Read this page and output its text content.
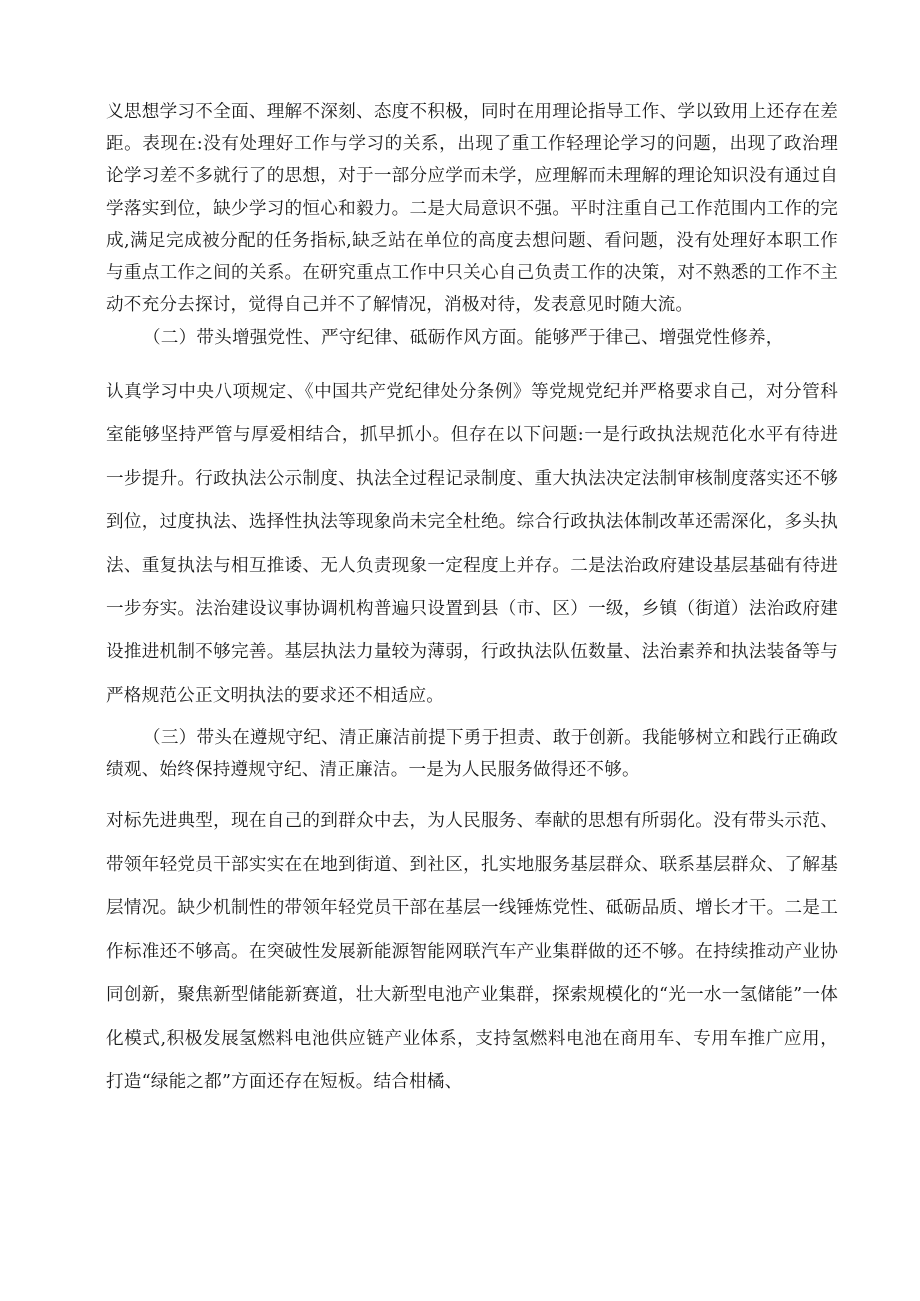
义思想学习不全面、理解不深刻、态度不积极，同时在用理论指导工作、学以致用上还存在差距。表现在:没有处理好工作与学习的关系，出现了重工作轻理论学习的问题，出现了政治理论学习差不多就行了的思想，对于一部分应学而未学，应理解而未理解的理论知识没有通过自学落实到位，缺少学习的恒心和毅力。二是大局意识不强。平时注重自己工作范围内工作的完成,满足完成被分配的任务指标,缺乏站在单位的高度去想问题、看问题，没有处理好本职工作与重点工作之间的关系。在研究重点工作中只关心自己负责工作的决策，对不熟悉的工作不主动不充分去探讨，觉得自己并不了解情况，消极对待，发表意见时随大流。

（二）带头增强党性、严守纪律、砥砺作风方面。能够严于律己、增强党性修养，

认真学习中央八项规定、《中国共产党纪律处分条例》等党规党纪并严格要求自己，对分管科室能够坚持严管与厚爱相结合，抓早抓小。但存在以下问题:一是行政执法规范化水平有待进一步提升。行政执法公示制度、执法全过程记录制度、重大执法决定法制审核制度落实还不够到位，过度执法、选择性执法等现象尚未完全杜绝。综合行政执法体制改革还需深化，多头执法、重复执法与相互推诿、无人负责现象一定程度上并存。二是法治政府建设基层基础有待进一步夯实。法治建设议事协调机构普遍只设置到县（市、区）一级，乡镇（街道）法治政府建设推进机制不够完善。基层执法力量较为薄弱，行政执法队伍数量、法治素养和执法装备等与严格规范公正文明执法的要求还不相适应。

（三）带头在遵规守纪、清正廉洁前提下勇于担责、敢于创新。我能够树立和践行正确政绩观、始终保持遵规守纪、清正廉洁。一是为人民服务做得还不够。

对标先进典型，现在自己的到群众中去，为人民服务、奉献的思想有所弱化。没有带头示范、带领年轻党员干部实实在在地到街道、到社区，扎实地服务基层群众、联系基层群众、了解基层情况。缺少机制性的带领年轻党员干部在基层一线锤炼党性、砥砺品质、增长才干。二是工作标准还不够高。在突破性发展新能源智能网联汽车产业集群做的还不够。在持续推动产业协同创新，聚焦新型储能新赛道，壮大新型电池产业集群，探索规模化的“光一水一氢储能”一体化模式,积极发展氢燃料电池供应链产业体系，支持氢燃料电池在商用车、专用车推广应用，打造“绿能之都”方面还存在短板。结合柑橘、
